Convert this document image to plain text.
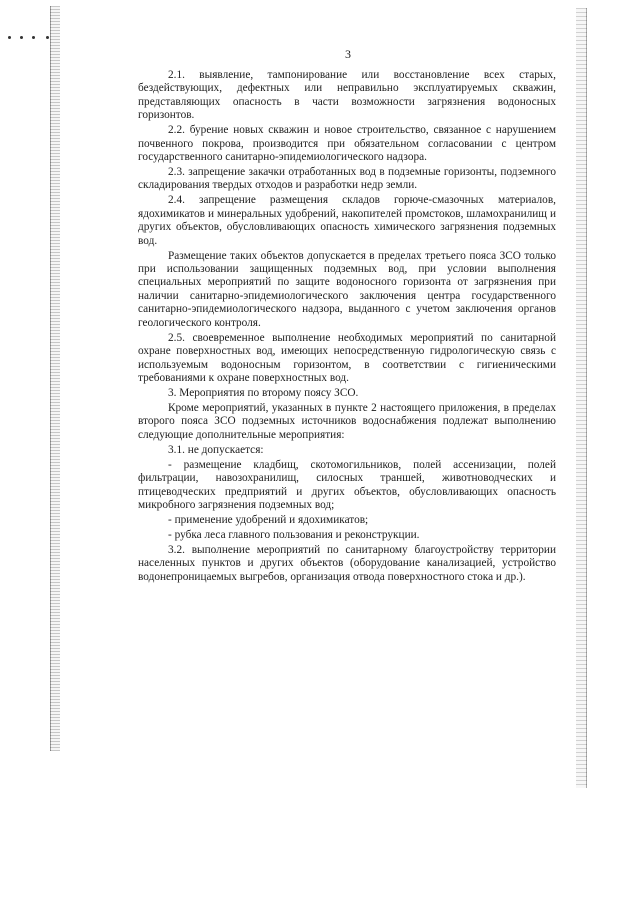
3

2.1. выявление, тампонирование или восстановление всех старых, бездействующих, дефектных или неправильно эксплуатируемых скважин, представляющих опасность в части возможности загрязнения водоносных горизонтов.

2.2. бурение новых скважин и новое строительство, связанное с нарушением почвенного покрова, производится при обязательном согласовании с центром государственного санитарно-эпидемиологического надзора.

2.3. запрещение закачки отработанных вод в подземные горизонты, подземного складирования твердых отходов и разработки недр земли.

2.4. запрещение размещения складов горюче-смазочных материалов, ядохимикатов и минеральных удобрений, накопителей промстоков, шламохранилищ и других объектов, обусловливающих опасность химического загрязнения подземных вод.

Размещение таких объектов допускается в пределах третьего пояса ЗСО только при использовании защищенных подземных вод, при условии выполнения специальных мероприятий по защите водоносного горизонта от загрязнения при наличии санитарно-эпидемиологического заключения центра государственного санитарно-эпидемиологического надзора, выданного с учетом заключения органов геологического контроля.

2.5. своевременное выполнение необходимых мероприятий по санитарной охране поверхностных вод, имеющих непосредственную гидрологическую связь с используемым водоносным горизонтом, в соответствии с гигиеническими требованиями к охране поверхностных вод.

3. Мероприятия по второму поясу ЗСО.

Кроме мероприятий, указанных в пункте 2 настоящего приложения, в пределах второго пояса ЗСО подземных источников водоснабжения подлежат выполнению следующие дополнительные мероприятия:

3.1. не допускается:

- размещение кладбищ, скотомогильников, полей ассенизации, полей фильтрации, навозохранилищ, силосных траншей, животноводческих и птицеводческих предприятий и других объектов, обусловливающих опасность микробного загрязнения подземных вод;

- применение удобрений и ядохимикатов;

- рубка леса главного пользования и реконструкции.

3.2. выполнение мероприятий по санитарному благоустройству территории населенных пунктов и других объектов (оборудование канализацией, устройство водонепроницаемых выгребов, организация отвода поверхностного стока и др.).
